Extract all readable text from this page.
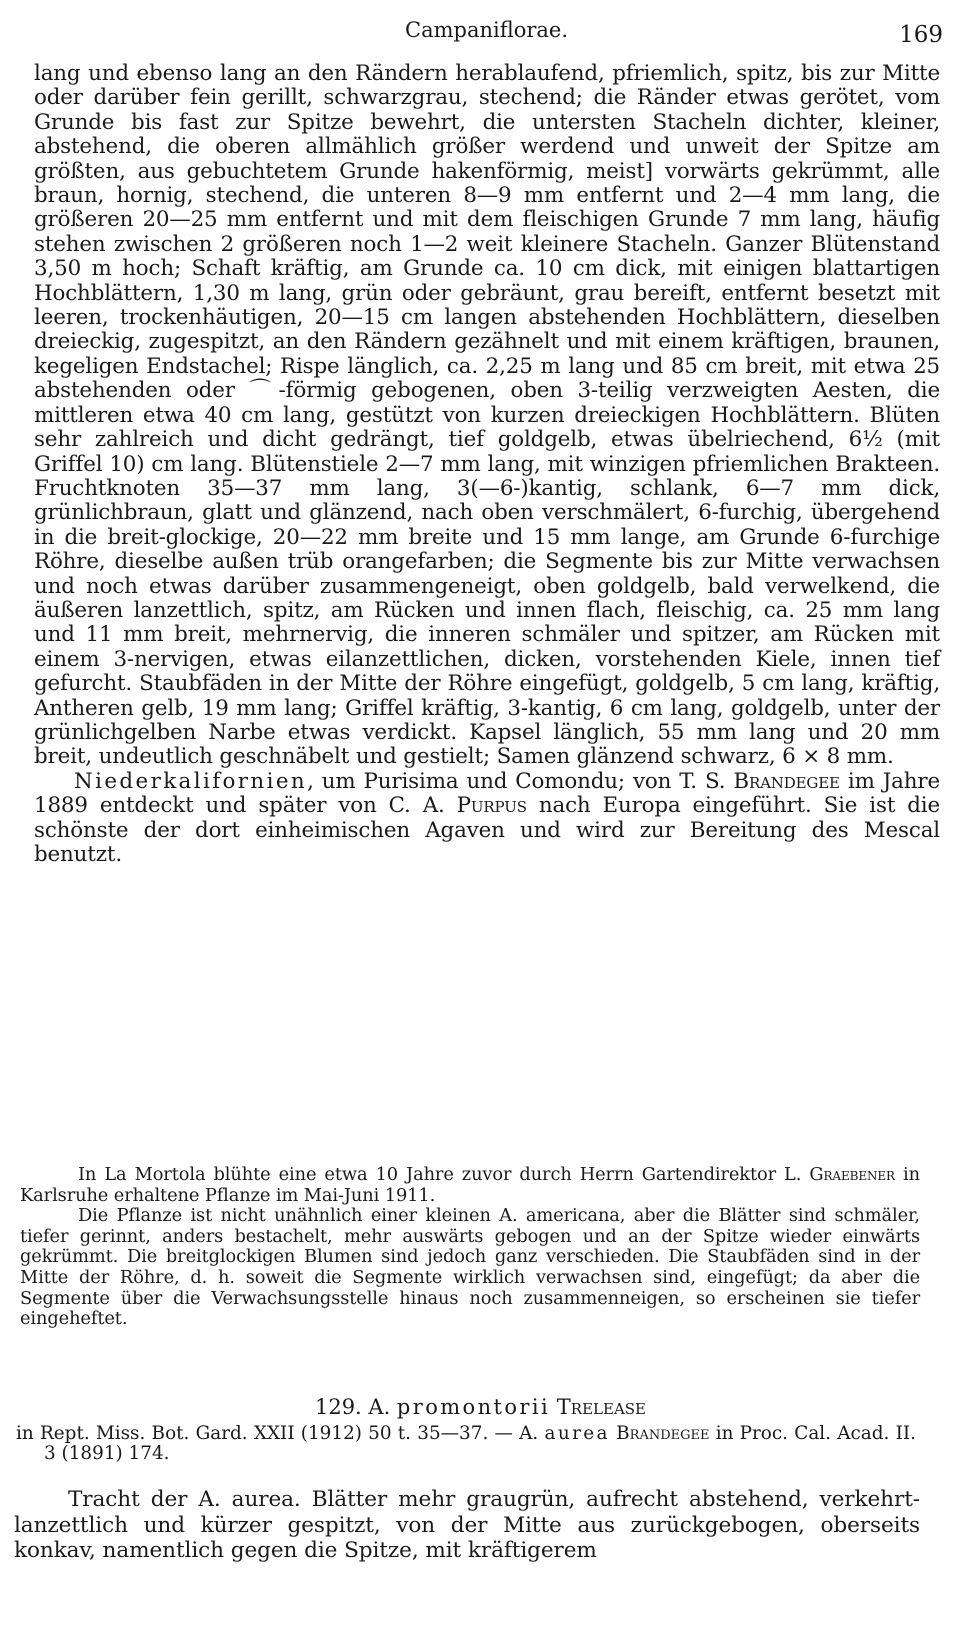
Campaniflorae.	169

lang und ebenso lang an den Rändern herablaufend, pfriemlich, spitz, bis zur Mitte oder darüber fein gerillt, schwarzgrau, stechend; die Ränder etwas gerötet, vom Grunde bis fast zur Spitze bewehrt, die untersten Stacheln dichter, kleiner, abstehend, die oberen allmählich größer werdend und unweit der Spitze am größten, aus gebuchtetem Grunde hakenförmig, meist] vorwärts gekrümmt, alle braun, hornig, stechend, die unteren 8—9 mm entfernt und 2—4 mm lang, die größeren 20—25 mm entfernt und mit dem fleischigen Grunde 7 mm lang, häufig stehen zwischen 2 größeren noch 1—2 weit kleinere Stacheln. Ganzer Blütenstand 3,50 m hoch; Schaft kräftig, am Grunde ca. 10 cm dick, mit einigen blattartigen Hochblättern, 1,30 m lang, grün oder gebräunt, grau bereift, entfernt besetzt mit leeren, trockenhäutigen, 20—15 cm langen abstehenden Hochblättern, dieselben dreieckig, zugespitzt, an den Rändern gezähnelt und mit einem kräftigen, braunen, kegeligen Endstachel; Rispe länglich, ca. 2,25 m lang und 85 cm breit, mit etwa 25 abstehenden oder ⌒-förmig gebogenen, oben 3-teilig verzweigten Aesten, die mittleren etwa 40 cm lang, gestützt von kurzen dreieckigen Hochblättern. Blüten sehr zahlreich und dicht gedrängt, tief goldgelb, etwas übelriechend, 6½ (mit Griffel 10) cm lang. Blütenstiele 2—7 mm lang, mit winzigen pfriemlichen Brakteen. Fruchtknoten 35—37 mm lang, 3(—6-)kantig, schlank, 6—7 mm dick, grünlichbraun, glatt und glänzend, nach oben verschmälert, 6-furchig, übergehend in die breit-glockige, 20—22 mm breite und 15 mm lange, am Grunde 6-furchige Röhre, dieselbe außen trüb orangefarben; die Segmente bis zur Mitte verwachsen und noch etwas darüber zusammengeneigt, oben goldgelb, bald verwelkend, die äußeren lanzettlich, spitz, am Rücken und innen flach, fleischig, ca. 25 mm lang und 11 mm breit, mehrnervig, die inneren schmäler und spitzer, am Rücken mit einem 3-nervigen, etwas eilanzettlichen, dicken, vorstehenden Kiele, innen tief gefurcht. Staubfäden in der Mitte der Röhre eingefügt, goldgelb, 5 cm lang, kräftig, Antheren gelb, 19 mm lang; Griffel kräftig, 3-kantig, 6 cm lang, goldgelb, unter der grünlichgelben Narbe etwas verdickt. Kapsel länglich, 55 mm lang und 20 mm breit, undeutlich geschnäbelt und gestielt; Samen glänzend schwarz, 6 × 8 mm.

Niederkalifornien, um Purisima und Comondu; von T. S. Brandegee im Jahre 1889 entdeckt und später von C. A. Purpus nach Europa eingeführt. Sie ist die schönste der dort einheimischen Agaven und wird zur Bereitung des Mescal benutzt.

In La Mortola blühte eine etwa 10 Jahre zuvor durch Herrn Gartendirektor L. Graebener in Karlsruhe erhaltene Pflanze im Mai-Juni 1911.

Die Pflanze ist nicht unähnlich einer kleinen A. americana, aber die Blätter sind schmäler, tiefer gerinnt, anders bestachelt, mehr auswärts gebogen und an der Spitze wieder einwärts gekrümmt. Die breitglockigen Blumen sind jedoch ganz verschieden. Die Staubfäden sind in der Mitte der Röhre, d. h. soweit die Segmente wirklich verwachsen sind, eingefügt; da aber die Segmente über die Verwachsungsstelle hinaus noch zusammenneigen, so erscheinen sie tiefer eingeheftet.

129. A. promontorii Trelease
in Rept. Miss. Bot. Gard. XXII (1912) 50 t. 35—37. — A. aurea Brandegee in Proc. Cal. Acad. II. 3 (1891) 174.

Tracht der A. aurea. Blätter mehr graugrün, aufrecht abstehend, verkehrt-lanzettlich und kürzer gespitzt, von der Mitte aus zurückgebogen, oberseits konkav, namentlich gegen die Spitze, mit kräftigerem
